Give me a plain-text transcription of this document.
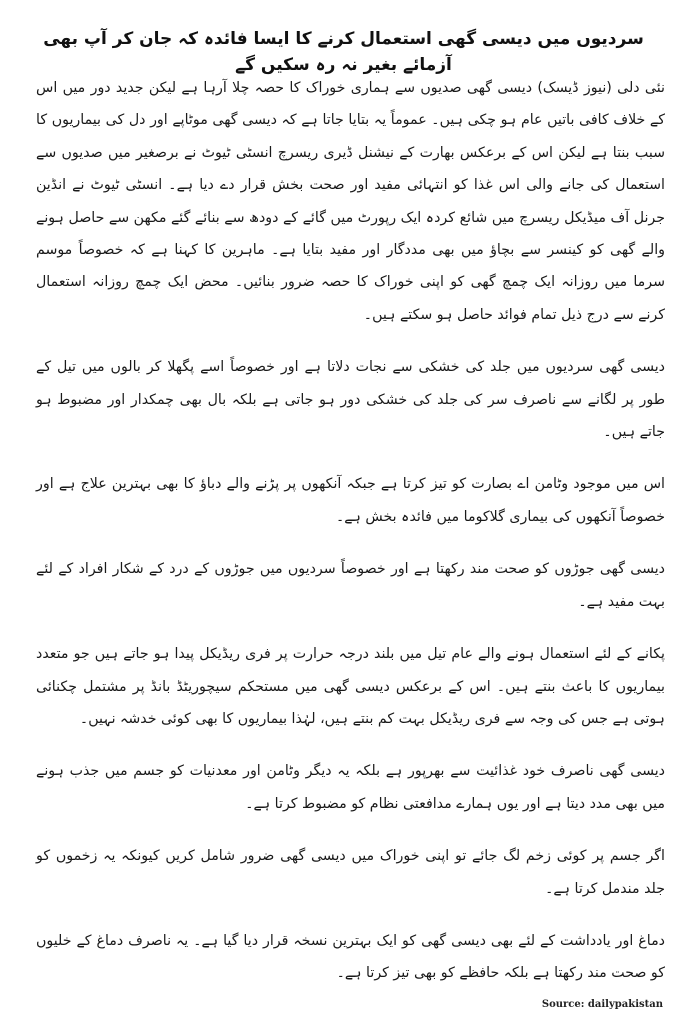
سردیوں میں دیسی گھی استعمال کرنے کا ایسا فائدہ کہ جان کر آپ بھی آزمائے بغیر نہ رہ سکیں گے

نئی دلی (نیوز ڈیسک) دیسی گھی صدیوں سے ہماری خوراک کا حصہ چلا آرہا ہے لیکن جدید دور میں اس کے خلاف کافی باتیں عام ہو چکی ہیں۔ عموماً یہ بتایا جاتا ہے کہ دیسی گھی موٹاپے اور دل کی بیماریوں کا سبب بنتا ہے لیکن اس کے برعکس بھارت کے نیشنل ڈیری ریسرچ انسٹی ٹیوٹ نے برصغیر میں صدیوں سے استعمال کی جانے والی اس غذا کو انتہائی مفید اور صحت بخش قرار دے دیا ہے۔ انسٹی ٹیوٹ نے انڈین جرنل آف میڈیکل ریسرچ میں شائع کردہ ایک رپورٹ میں گائے کے دودھ سے بنائے گئے مکھن سے حاصل ہونے والے گھی کو کینسر سے بچاؤ میں بھی مددگار اور مفید بتایا ہے۔ ماہرین کا کہنا ہے کہ خصوصاً موسم سرما میں روزانہ ایک چمچ گھی کو اپنی خوراک کا حصہ ضرور بنائیں۔ محض ایک چمچ روزانہ استعمال کرنے سے درج ذیل تمام فوائد حاصل ہو سکتے ہیں۔

دیسی گھی سردیوں میں جلد کی خشکی سے نجات دلاتا ہے اور خصوصاً اسے پگھلا کر بالوں میں تیل کے طور پر لگانے سے ناصرف سر کی جلد کی خشکی دور ہو جاتی ہے بلکہ بال بھی چمکدار اور مضبوط ہو جاتے ہیں۔

اس میں موجود وٹامن اے بصارت کو تیز کرتا ہے جبکہ آنکھوں پر پڑنے والے دباؤ کا بھی بہترین علاج ہے اور خصوصاً آنکھوں کی بیماری گلاکوما میں فائدہ بخش ہے۔

دیسی گھی جوڑوں کو صحت مند رکھتا ہے اور خصوصاً سردیوں میں جوڑوں کے درد کے شکار افراد کے لئے بہت مفید ہے۔

پکانے کے لئے استعمال ہونے والے عام تیل میں بلند درجہ حرارت پر فری ریڈیکل پیدا ہو جاتے ہیں جو متعدد بیماریوں کا باعث بنتے ہیں۔ اس کے برعکس دیسی گھی میں مستحکم سیچوریٹڈ بانڈ پر مشتمل چکنائی ہوتی ہے جس کی وجہ سے فری ریڈیکل بہت کم بنتے ہیں، لہٰذا بیماریوں کا بھی کوئی خدشہ نہیں۔

دیسی گھی ناصرف خود غذائیت سے بھرپور ہے بلکہ یہ دیگر وٹامن اور معدنیات کو جسم میں جذب ہونے میں بھی مدد دیتا ہے اور یوں ہمارے مدافعتی نظام کو مضبوط کرتا ہے۔

اگر جسم پر کوئی زخم لگ جائے تو اپنی خوراک میں دیسی گھی ضرور شامل کریں کیونکہ یہ زخموں کو جلد مندمل کرتا ہے۔

دماغ اور یادداشت کے لئے بھی دیسی گھی کو ایک بہترین نسخہ قرار دیا گیا ہے۔ یہ ناصرف دماغ کے خلیوں کو صحت مند رکھتا ہے بلکہ حافظے کو بھی تیز کرتا ہے۔

Source: dailypakistan
